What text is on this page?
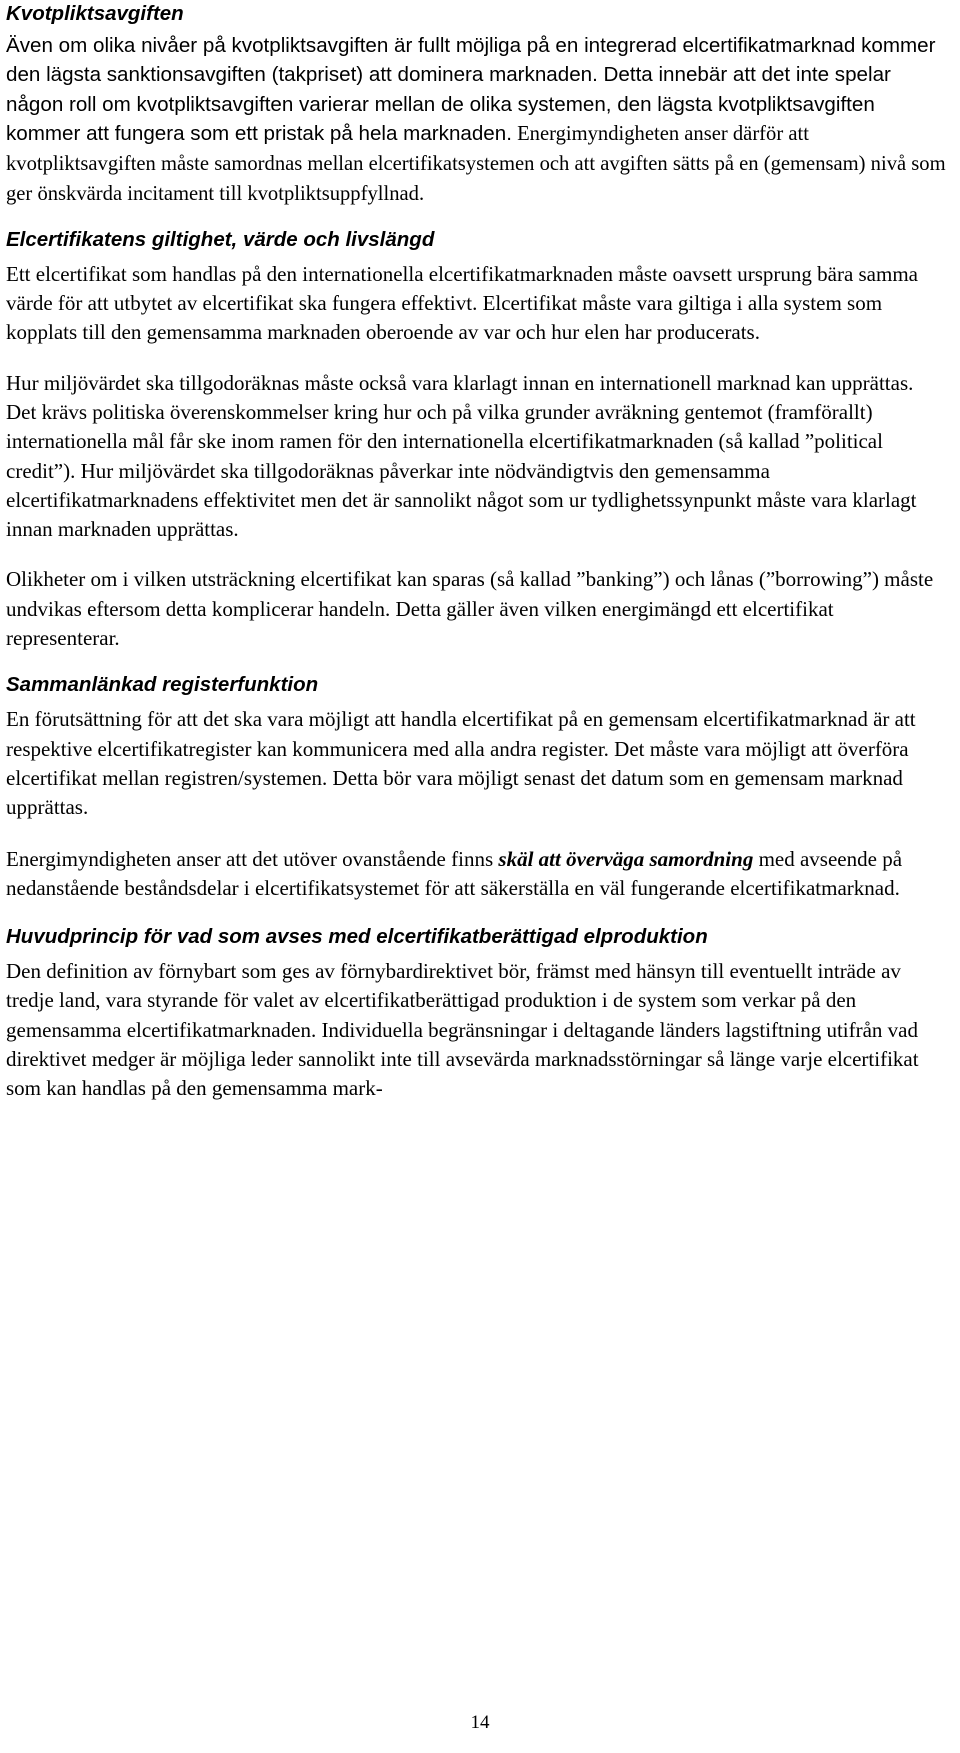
Kvotpliktsavgiften

Även om olika nivåer på kvotpliktsavgiften är fullt möjliga på en integrerad elcertifikatmarknad kommer den lägsta sanktionsavgiften (takpriset) att dominera marknaden. Detta innebär att det inte spelar någon roll om kvotpliktsavgiften varierar mellan de olika systemen, den lägsta kvotpliktsavgiften kommer att fungera som ett pristak på hela marknaden. Energimyndigheten anser därför att kvotpliktsavgiften måste samordnas mellan elcertifikatsystemen och att avgiften sätts på en (gemensam) nivå som ger önskvärda incitament till kvotpliktsuppfyllnad.

Elcertifikatens giltighet, värde och livslängd

Ett elcertifikat som handlas på den internationella elcertifikatmarknaden måste oavsett ursprung bära samma värde för att utbytet av elcertifikat ska fungera effektivt. Elcertifikat måste vara giltiga i alla system som kopplats till den gemensamma marknaden oberoende av var och hur elen har producerats.

Hur miljövärdet ska tillgodoräknas måste också vara klarlagt innan en internationell marknad kan upprättas. Det krävs politiska överenskommelser kring hur och på vilka grunder avräkning gentemot (framförallt) internationella mål får ske inom ramen för den internationella elcertifikatmarknaden (så kallad ”political credit”). Hur miljövärdet ska tillgodoräknas påverkar inte nödvändigtvis den gemensamma elcertifikatmarknadens effektivitet men det är sannolikt något som ur tydlighetssynpunkt måste vara klarlagt innan marknaden upprättas.

Olikheter om i vilken utsträckning elcertifikat kan sparas (så kallad ”banking”) och lånas (”borrowing”) måste undvikas eftersom detta komplicerar handeln. Detta gäller även vilken energimängd ett elcertifikat representerar.

Sammanlänkad registerfunktion

En förutsättning för att det ska vara möjligt att handla elcertifikat på en gemensam elcertifikatmarknad är att respektive elcertifikatregister kan kommunicera med alla andra register. Det måste vara möjligt att överföra elcertifikat mellan registren/systemen. Detta bör vara möjligt senast det datum som en gemensam marknad upprättas.

Energimyndigheten anser att det utöver ovanstående finns skäl att överväga samordning med avseende på nedanstående beståndsdelar i elcertifikatsystemet för att säkerställa en väl fungerande elcertifikatmarknad.

Huvudprincip för vad som avses med elcertifikatberättigad elproduktion

Den definition av förnybart som ges av förnybardirektivet bör, främst med hänsyn till eventuellt inträde av tredje land, vara styrande för valet av elcertifikatberättigad produktion i de system som verkar på den gemensamma elcertifikatmarknaden. Individuella begränsningar i deltagande länders lagstiftning utifrån vad direktivet medger är möjliga leder sannolikt inte till avsevärda marknadsstörningar så länge varje elcertifikat som kan handlas på den gemensamma mark-

14
